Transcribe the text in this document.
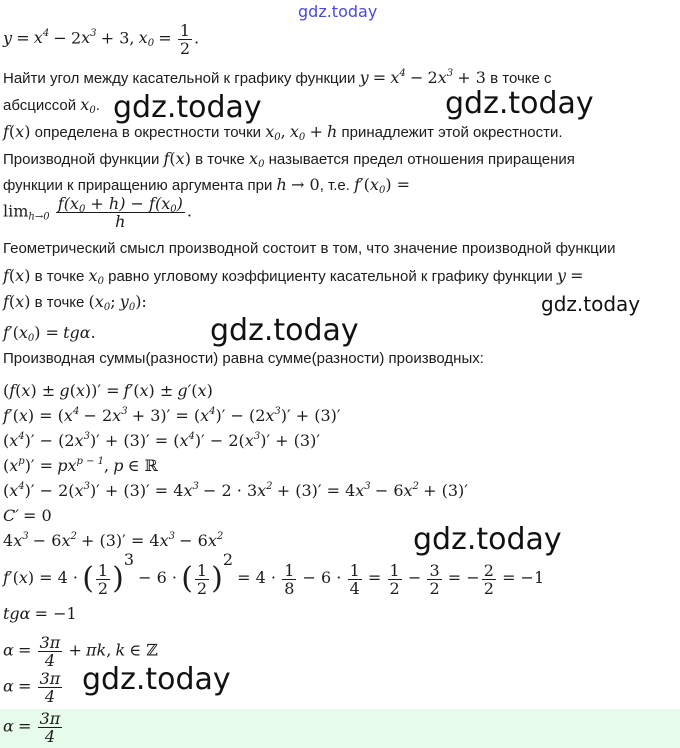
gdz.today
$y = x^4 - 2x^3 + 3$, $x_0 = \frac{1}{2}$ .
Найти угол между касательной к графику функции $y = x^4 - 2x^3 + 3$ в точке с
абсциссой $x_0$. gdz.today	gdz.today
f(x) определена в окрестности точки $x_0$, $x_0 + h$ принадлежит этой окрестности.
Производной функции f(x) в точке $x_0$ называется предел отношения приращения
функции к приращению аргумента при h → 0, т.е. $f'(x_0)$ =
$\lim_{h\to 0} \frac{f(x_0 + h) - f(x_0)}{h}$ .
Геометрический смысл производной состоит в том, что значение производной функции
f(x) в точке $x_0$ равно угловому коэффициенту касательной к графику функции y =
f(x) в точке ($x_0$; $y_0$):	gdz.today
$f'(x_0) = tg\alpha$.	gdz.today
Производная суммы(разности) равна сумме(разности) производных:
(f(x) ± g(x))′ = f′(x) ± g′(x)
$f'(x) = (x^4 - 2x^3 + 3)' = (x^4)' - (2x^3)' + (3)'$
$(x^4)' - (2x^3)' + (3)' = (x^4)' - 2(x^3)' + (3)'$
$(x^p)' = px^{p - 1}$, p ∈ ℝ
$(x^4)' - 2(x^3)' + (3)' = 4x^3 - 2 \cdot 3x^2 + (3)' = 4x^3 - 6x^2 + (3)'$
C′ = 0
$4x^3 - 6x^2 + (3)' = 4x^3 - 6x^2$	gdz.today
f′(x) = 4 · ( $\frac{1}{2} )^3 - 6$ · ( $\frac{1}{2} )^2 = 4 \cdot \frac{1}{8} - 6 \cdot \frac{1}{4} = \frac{1}{2} - \frac{3}{2}$ = − $\frac{2}{2} = -1$
tgα = −1
$\alpha = \frac{3\pi}{4} + \pi k$, k ∈ ℤ
$\alpha = \frac{3\pi}{4}$ gdz.today
$\alpha = \frac{3\pi}{4}$
